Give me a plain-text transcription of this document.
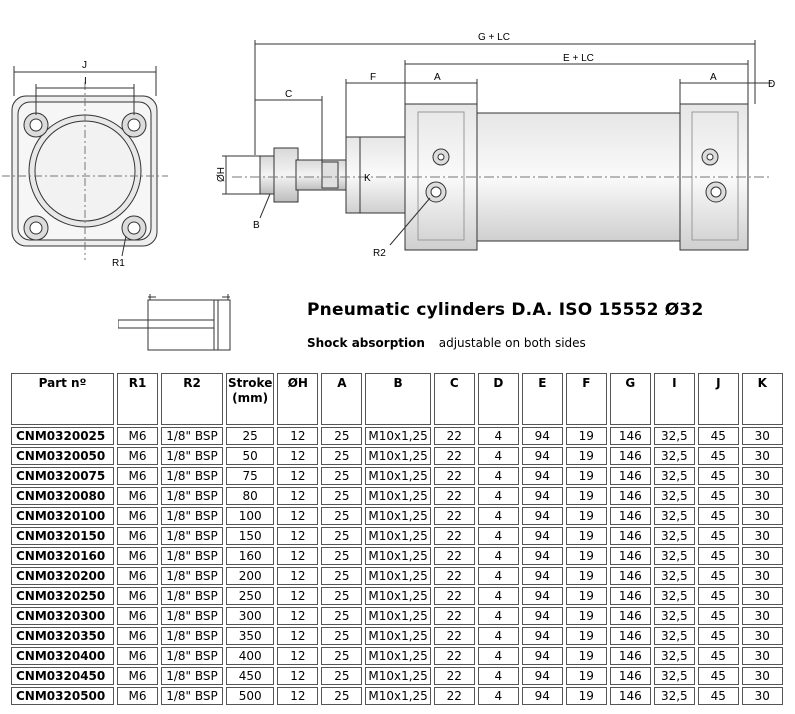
J
I
R1
G + LC
E + LC
F	A	A
D
C
ØH	K
B
R2
Pneumatic cylinders D.A. ISO 15552 Ø32
Shock absorption adjustable on both sides
Part nº	R1	R2	Stroke (mm)	ØH	A	B	C	D	E	F	G	I	J	K
CNM0320025	M6	1/8" BSP	25	12	25	M10x1,25	22	4	94	19	146	32,5	45	30
CNM0320050	M6	1/8" BSP	50	12	25	M10x1,25	22	4	94	19	146	32,5	45	30
CNM0320075	M6	1/8" BSP	75	12	25	M10x1,25	22	4	94	19	146	32,5	45	30
CNM0320080	M6	1/8" BSP	80	12	25	M10x1,25	22	4	94	19	146	32,5	45	30
CNM0320100	M6	1/8" BSP	100	12	25	M10x1,25	22	4	94	19	146	32,5	45	30
CNM0320150	M6	1/8" BSP	150	12	25	M10x1,25	22	4	94	19	146	32,5	45	30
CNM0320160	M6	1/8" BSP	160	12	25	M10x1,25	22	4	94	19	146	32,5	45	30
CNM0320200	M6	1/8" BSP	200	12	25	M10x1,25	22	4	94	19	146	32,5	45	30
CNM0320250	M6	1/8" BSP	250	12	25	M10x1,25	22	4	94	19	146	32,5	45	30
CNM0320300	M6	1/8" BSP	300	12	25	M10x1,25	22	4	94	19	146	32,5	45	30
CNM0320350	M6	1/8" BSP	350	12	25	M10x1,25	22	4	94	19	146	32,5	45	30
CNM0320400	M6	1/8" BSP	400	12	25	M10x1,25	22	4	94	19	146	32,5	45	30
CNM0320450	M6	1/8" BSP	450	12	25	M10x1,25	22	4	94	19	146	32,5	45	30
CNM0320500	M6	1/8" BSP	500	12	25	M10x1,25	22	4	94	19	146	32,5	45	30
